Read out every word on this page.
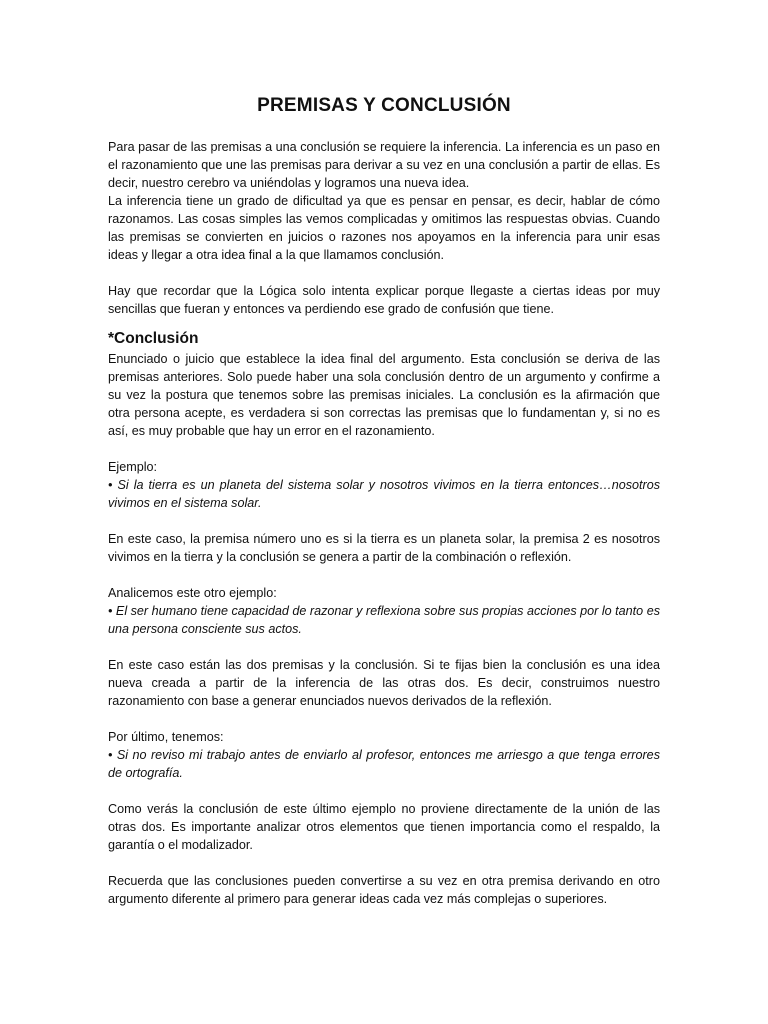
PREMISAS Y CONCLUSIÓN

Para pasar de las premisas a una conclusión se requiere la inferencia. La inferencia es un paso en el razonamiento que une las premisas para derivar a su vez en una conclusión a partir de ellas. Es decir, nuestro cerebro va uniéndolas y logramos una nueva idea.

La inferencia tiene un grado de dificultad ya que es pensar en pensar, es decir, hablar de cómo razonamos. Las cosas simples las vemos complicadas y omitimos las respuestas obvias. Cuando las premisas se convierten en juicios o razones nos apoyamos en la inferencia para unir esas ideas y llegar a otra idea final a la que llamamos conclusión.

Hay que recordar que la Lógica solo intenta explicar porque llegaste a ciertas ideas por muy sencillas que fueran y entonces va perdiendo ese grado de confusión que tiene.

*Conclusión

Enunciado o juicio que establece la idea final del argumento. Esta conclusión se deriva de las premisas anteriores. Solo puede haber una sola conclusión dentro de un argumento y confirme a su vez la postura que tenemos sobre las premisas iniciales. La conclusión es la afirmación que otra persona acepte, es verdadera si son correctas las premisas que lo fundamentan y, si no es así, es muy probable que hay un error en el razonamiento.

Ejemplo:

• Si la tierra es un planeta del sistema solar y nosotros vivimos en la tierra entonces…nosotros vivimos en el sistema solar.

En este caso, la premisa número uno es si la tierra es un planeta solar, la premisa 2 es nosotros vivimos en la tierra y la conclusión se genera a partir de la combinación o reflexión.

Analicemos este otro ejemplo:

• El ser humano tiene capacidad de razonar y reflexiona sobre sus propias acciones por lo tanto es una persona consciente sus actos.

En este caso están las dos premisas y la conclusión. Si te fijas bien la conclusión es una idea nueva creada a partir de la inferencia de las otras dos. Es decir, construimos nuestro razonamiento con base a generar enunciados nuevos derivados de la reflexión.

Por último, tenemos:

• Si no reviso mi trabajo antes de enviarlo al profesor, entonces me arriesgo a que tenga errores de ortografía.

Como verás la conclusión de este último ejemplo no proviene directamente de la unión de las otras dos. Es importante analizar otros elementos que tienen importancia como el respaldo, la garantía o el modalizador.

Recuerda que las conclusiones pueden convertirse a su vez en otra premisa derivando en otro argumento diferente al primero para generar ideas cada vez más complejas o superiores.
